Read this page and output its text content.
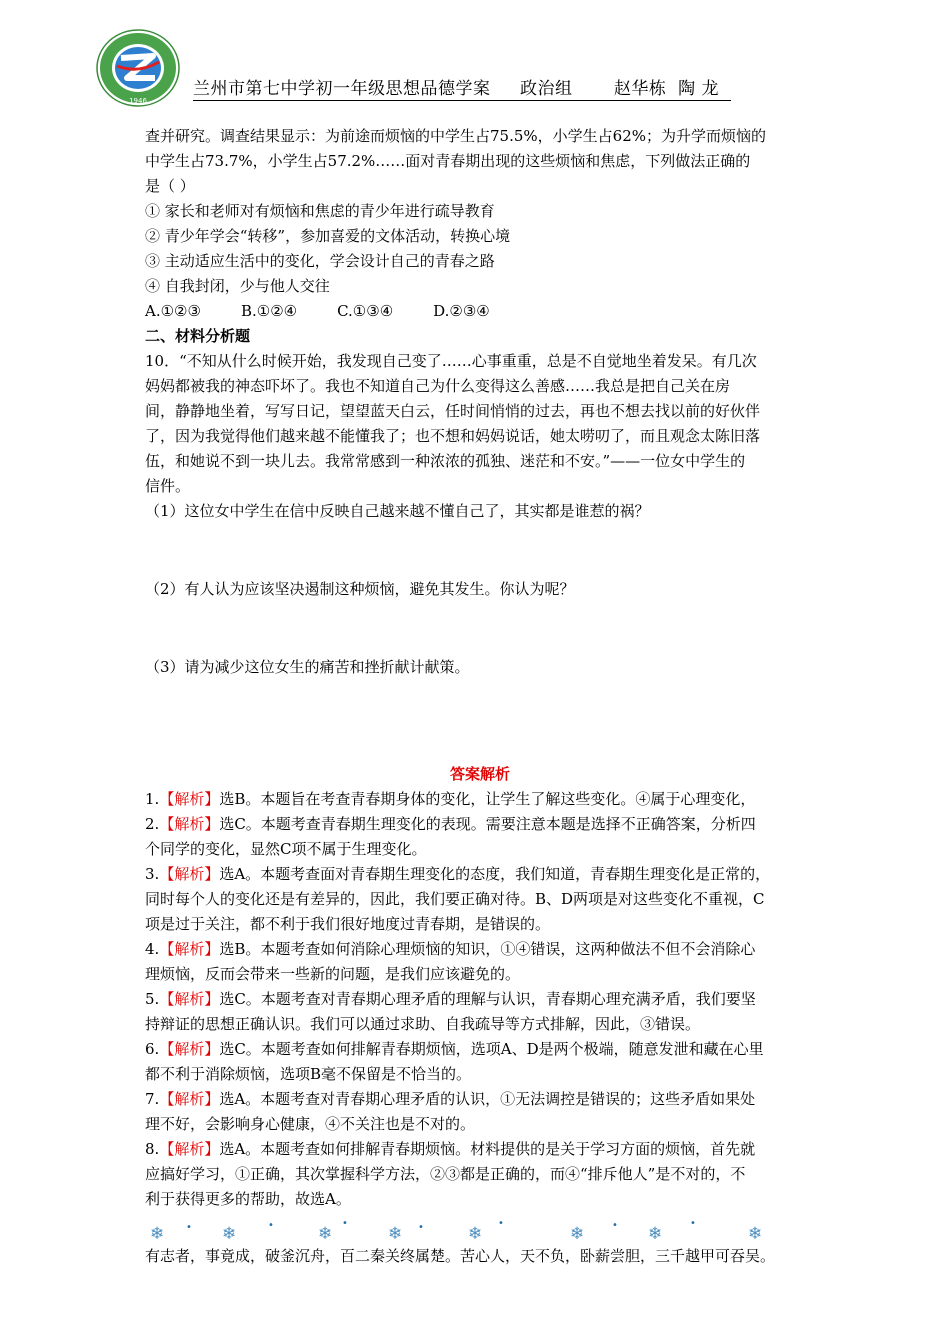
1946
兰州市第七中学初一年级思想品德学案     政治组       赵华栋  陶 龙

查并研究。调查结果显示：为前途而烦恼的中学生占75.5%，小学生占62%；为升学而烦恼的

中学生占73.7%，小学生占57.2%……面对青春期出现的这些烦恼和焦虑，下列做法正确的

是（ ）

① 家长和老师对有烦恼和焦虑的青少年进行疏导教育

② 青少年学会“转移”，参加喜爱的文体活动，转换心境

③ 主动适应生活中的变化，学会设计自己的青春之路

④ 自我封闭，少与他人交往

A.①②③	B.①②④	C.①③④	D.②③④

二、材料分析题

10．“不知从什么时候开始，我发现自己变了……心事重重，总是不自觉地坐着发呆。有几次

妈妈都被我的神态吓坏了。我也不知道自己为什么变得这么善感……我总是把自己关在房

间，静静地坐着，写写日记，望望蓝天白云，任时间悄悄的过去，再也不想去找以前的好伙伴

了，因为我觉得他们越来越不能懂我了；也不想和妈妈说话，她太唠叨了，而且观念太陈旧落

伍，和她说不到一块儿去。我常常感到一种浓浓的孤独、迷茫和不安。”——一位女中学生的

信件。

（1）这位女中学生在信中反映自己越来越不懂自己了，其实都是谁惹的祸？

（2）有人认为应该坚决遏制这种烦恼，避免其发生。你认为呢？

（3）请为减少这位女生的痛苦和挫折献计献策。

答案解析

1.【解析】选B。本题旨在考查青春期身体的变化，让学生了解这些变化。④属于心理变化，

2.【解析】选C。本题考查青春期生理变化的表现。需要注意本题是选择不正确答案，分析四

个同学的变化，显然C项不属于生理变化。

3.【解析】选A。本题考查面对青春期生理变化的态度，我们知道，青春期生理变化是正常的，

同时每个人的变化还是有差异的，因此，我们要正确对待。B、D两项是对这些变化不重视，C

项是过于关注，都不利于我们很好地度过青春期，是错误的。

4.【解析】选B。本题考查如何消除心理烦恼的知识，①④错误，这两种做法不但不会消除心

理烦恼，反而会带来一些新的问题，是我们应该避免的。

5.【解析】选C。本题考查对青春期心理矛盾的理解与认识，青春期心理充满矛盾，我们要坚

持辩证的思想正确认识。我们可以通过求助、自我疏导等方式排解，因此，③错误。

6.【解析】选C。本题考查如何排解青春期烦恼，选项A、D是两个极端，随意发泄和藏在心里

都不利于消除烦恼，选项B毫不保留是不恰当的。

7.【解析】选A。本题考查对青春期心理矛盾的认识，①无法调控是错误的；这些矛盾如果处

理不好，会影响身心健康，④不关注也是不对的。

8.【解析】选A。本题考查如何排解青春期烦恼。材料提供的是关于学习方面的烦恼，首先就

应搞好学习，①正确，其次掌握科学方法，②③都是正确的，而④“排斥他人”是不对的，不

利于获得更多的帮助，故选A。

❄ • ❄	•	❄
•
❄ •	❄
•
❄	• ❄
•
❄
有志者，事竟成，破釜沉舟，百二秦关终属楚。苦心人，天不负，卧薪尝胆，三千越甲可吞吴。
